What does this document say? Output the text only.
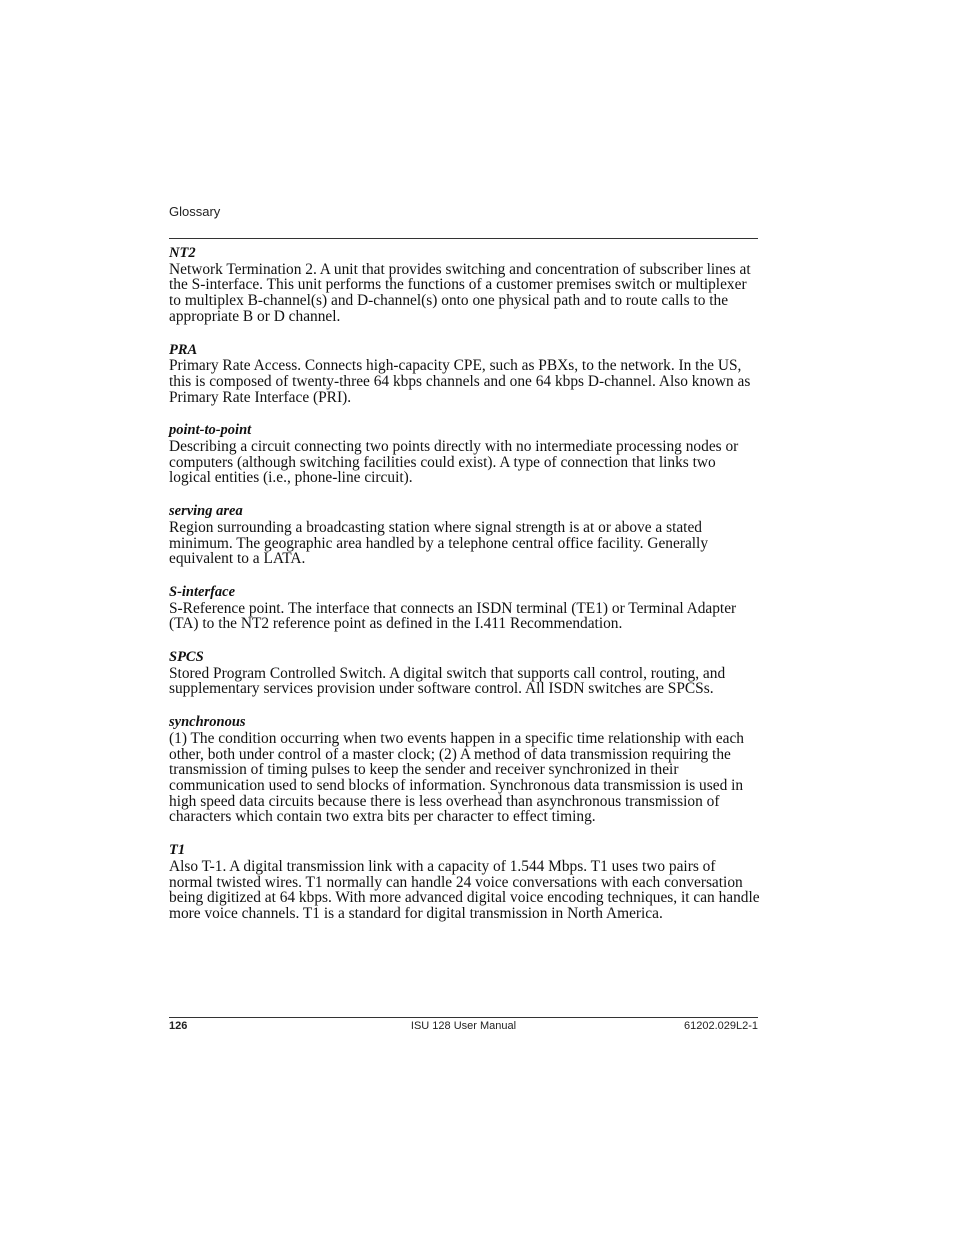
Glossary
NT2
Network Termination 2. A unit that provides switching and concentration of subscriber lines at the S-interface. This unit performs the functions of a customer premises switch or multiplexer to multiplex B-channel(s) and D-channel(s) onto one physical path and to route calls to the appropriate B or D channel.
PRA
Primary Rate Access. Connects high-capacity CPE, such as PBXs, to the network. In the US, this is composed of twenty-three 64 kbps channels and one 64 kbps D-channel. Also known as Primary Rate Interface (PRI).
point-to-point
Describing a circuit connecting two points directly with no intermediate processing nodes or computers (although switching facilities could exist). A type of connection that links two logical entities (i.e., phone-line circuit).
serving area
Region surrounding a broadcasting station where signal strength is at or above a stated minimum. The geographic area handled by a telephone central office facility. Generally equivalent to a LATA.
S-interface
S-Reference point. The interface that connects an ISDN terminal (TE1) or Terminal Adapter (TA) to the NT2 reference point as defined in the I.411 Recommendation.
SPCS
Stored Program Controlled Switch. A digital switch that supports call control, routing, and supplementary services provision under software control. All ISDN switches are SPCSs.
synchronous
(1) The condition occurring when two events happen in a specific time relationship with each other, both under control of a master clock; (2) A method of data transmission requiring the transmission of timing pulses to keep the sender and receiver synchronized in their communication used to send blocks of information. Synchronous data transmission is used in high speed data circuits because there is less overhead than asynchronous transmission of characters which contain two extra bits per character to effect timing.
T1
Also T-1. A digital transmission link with a capacity of 1.544 Mbps. T1 uses two pairs of normal twisted wires. T1 normally can handle 24 voice conversations with each conversation being digitized at 64 kbps. With more advanced digital voice encoding techniques, it can handle more voice channels. T1 is a standard for digital transmission in North America.
126	ISU 128 User Manual	61202.029L2-1
